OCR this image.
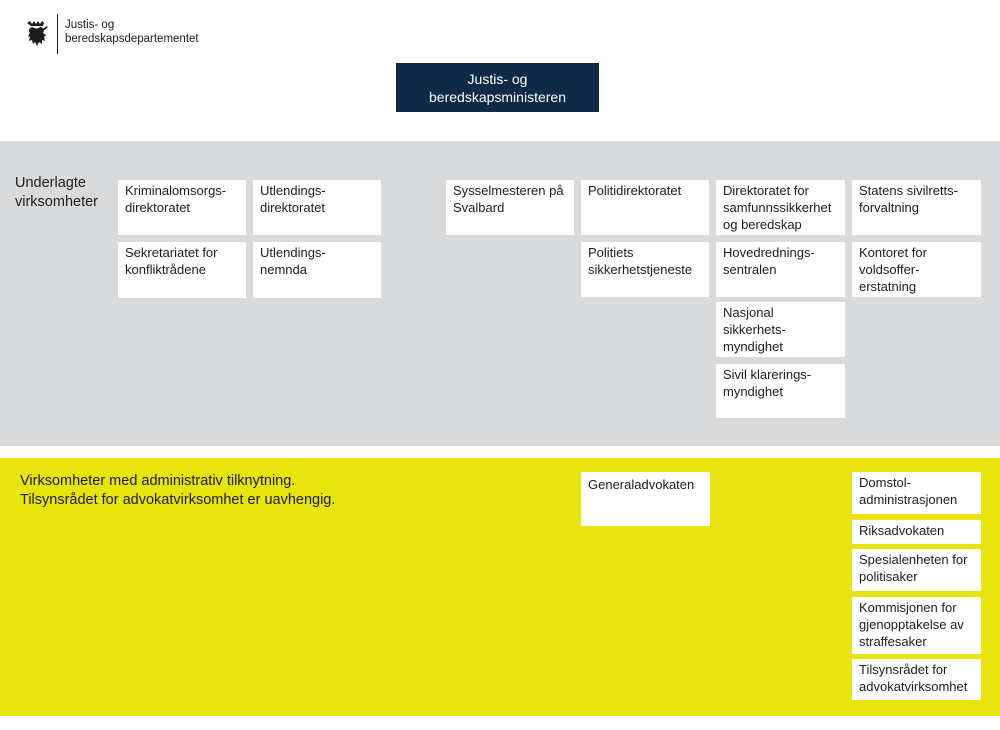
Justis- og
beredskapsdepartementet
Justis- og
beredskapsministeren
Underlagte
virksomheter
Kriminalomsorgs-
direktoratet
Utlendings-
direktoratet
Sekretariatet for
konfliktrådene
Utlendings-
nemnda
Sysselmesteren på
Svalbard
Politidirektoratet
Politiets
sikkerhetstjeneste
Direktoratet for
samfunnssikkerhet
og beredskap
Hovedrednings-
sentralen
Nasjonal
sikkerhets-
myndighet
Sivil klarerings-
myndighet
Statens sivilretts-
forvaltning
Kontoret for
voldsoffer-
erstatning
Virksomheter med administrativ tilknytning.
Tilsynsrådet for advokatvirksomhet er uavhengig.
Generaladvokaten	Domstol-
administrasjonen
Riksadvokaten
Spesialenheten for
politisaker
Kommisjonen for
gjenopptakelse av
straffesaker
Tilsynsrådet for
advokatvirksomhet
